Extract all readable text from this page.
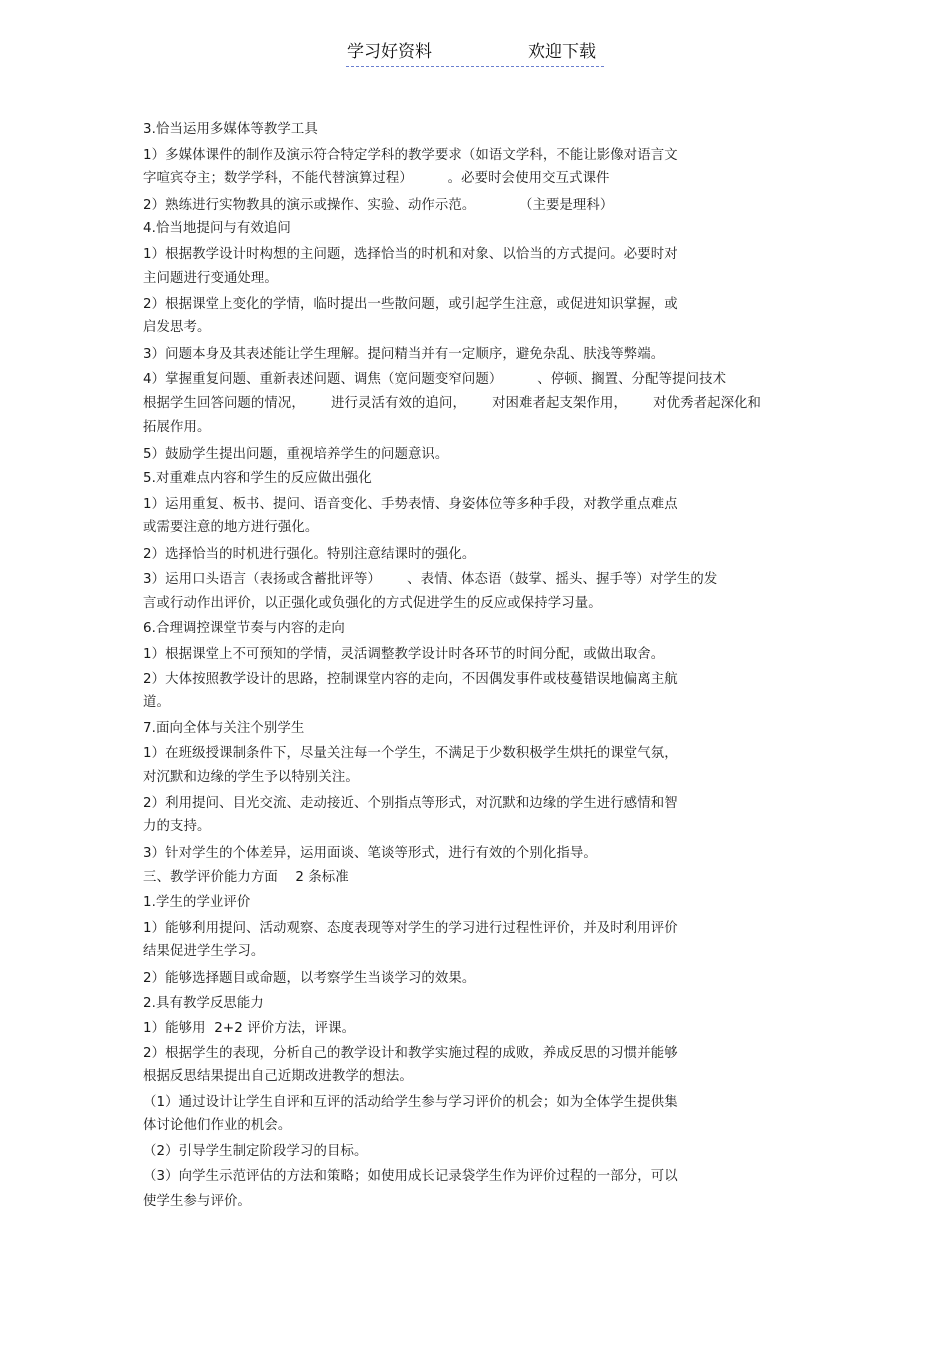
学习好资料	欢迎下载
3.恰当运用多媒体等教学工具
1）多媒体课件的制作及演示符合特定学科的教学要求（如语文学科，不能让影像对语言文
字喧宾夺主；数学学科，不能代替演算过程）        。必要时会使用交互式课件
2）熟练进行实物教具的演示或操作、实验、动作示范。          （主要是理科）
4.恰当地提问与有效追问
1）根据教学设计时构想的主问题，选择恰当的时机和对象、以恰当的方式提问。必要时对
主问题进行变通处理。
2）根据课堂上变化的学情，临时提出一些散问题，或引起学生注意，或促进知识掌握，或
启发思考。
3）问题本身及其表述能让学生理解。提问精当并有一定顺序，避免杂乱、肤浅等弊端。
4）掌握重复问题、重新表述问题、调焦（宽问题变窄问题）        、停顿、搁置、分配等提问技术
根据学生回答问题的情况，      进行灵活有效的追问，      对困难者起支架作用，      对优秀者起深化和
拓展作用。
5）鼓励学生提出问题，重视培养学生的问题意识。
5.对重难点内容和学生的反应做出强化
1）运用重复、板书、提问、语音变化、手势表情、身姿体位等多种手段，对教学重点难点
或需要注意的地方进行强化。
2）选择恰当的时机进行强化。特别注意结课时的强化。
3）运用口头语言（表扬或含蓄批评等）      、表情、体态语（鼓掌、摇头、握手等）对学生的发
言或行动作出评价，以正强化或负强化的方式促进学生的反应或保持学习量。
6.合理调控课堂节奏与内容的走向
1）根据课堂上不可预知的学情，灵活调整教学设计时各环节的时间分配，或做出取舍。
2）大体按照教学设计的思路，控制课堂内容的走向，不因偶发事件或枝蔓错误地偏离主航
道。
7.面向全体与关注个别学生
1）在班级授课制条件下，尽量关注每一个学生，不满足于少数积极学生烘托的课堂气氛，
对沉默和边缘的学生予以特别关注。
2）利用提问、目光交流、走动接近、个别指点等形式，对沉默和边缘的学生进行感情和智
力的支持。
3）针对学生的个体差异，运用面谈、笔谈等形式，进行有效的个别化指导。
三、教学评价能力方面    2 条标准
1.学生的学业评价
1）能够利用提问、活动观察、态度表现等对学生的学习进行过程性评价，并及时利用评价
结果促进学生学习。
2）能够选择题目或命题，以考察学生当谈学习的效果。
2.具有教学反思能力
1）能够用  2+2 评价方法，评课。
2）根据学生的表现，分析自己的教学设计和教学实施过程的成败，养成反思的习惯并能够
根据反思结果提出自己近期改进教学的想法。
（1）通过设计让学生自评和互评的活动给学生参与学习评价的机会；如为全体学生提供集
体讨论他们作业的机会。
（2）引导学生制定阶段学习的目标。
（3）向学生示范评估的方法和策略；如使用成长记录袋学生作为评价过程的一部分，可以
使学生参与评价。
